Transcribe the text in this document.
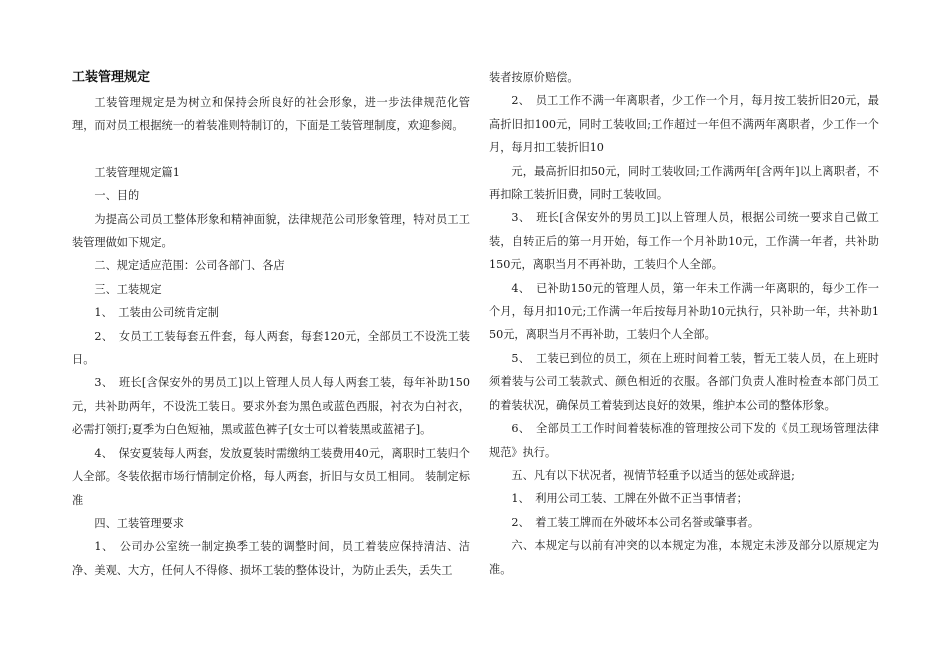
工装管理规定

工装管理规定是为树立和保持会所良好的社会形象，进一步法律规范化管理，而对员工根据统一的着装准则特制订的，下面是工装管理制度，欢迎参阅。

工装管理规定篇1

一、目的

为提高公司员工整体形象和精神面貌，法律规范公司形象管理，特对员工工装管理做如下规定。

二、规定适应范围：公司各部门、各店

三、工装规定

1、　工装由公司统肯定制

2、　女员工工装每套五件套，每人两套，每套120元，全部员工不设洗工装日。

3、　班长[含保安外的男员工]以上管理人员人每人两套工装，每年补助150元，共补助两年，不设洗工装日。要求外套为黑色或蓝色西服，衬衣为白衬衣，必需打领打;夏季为白色短袖，黑或蓝色裤子[女士可以着装黑或蓝裙子]。

4、　保安夏装每人两套，发放夏装时需缴纳工装费用40元，离职时工装归个人全部。冬装依据市场行情制定价格，每人两套，折旧与女员工相同。 装制定标准

四、工装管理要求

1、　公司办公室统一制定换季工装的调整时间，员工着装应保持清洁、洁净、美观、大方，任何人不得修、损坏工装的整体设计，为防止丢失，丢失工

装者按原价赔偿。

2、　员工工作不满一年离职者，少工作一个月，每月按工装折旧20元，最高折旧扣100元，同时工装收回;工作超过一年但不满两年离职者，少工作一个月，每月扣工装折旧10

元，最高折旧扣50元，同时工装收回;工作满两年[含两年]以上离职者，不再扣除工装折旧费，同时工装收回。

3、　班长[含保安外的男员工]以上管理人员，根据公司统一要求自己做工装，自转正后的第一月开始，每工作一个月补助10元，工作满一年者，共补助150元，离职当月不再补助，工装归个人全部。

4、　已补助150元的管理人员，第一年未工作满一年离职的，每少工作一个月，每月扣10元;工作满一年后按每月补助10元执行，只补助一年，共补助150元，离职当月不再补助，工装归个人全部。

5、　工装已到位的员工，须在上班时间着工装，暂无工装人员，在上班时须着装与公司工装款式、颜色相近的衣服。各部门负责人准时检查本部门员工的着装状况，确保员工着装到达良好的效果，维护本公司的整体形象。

6、　全部员工工作时间着装标准的管理按公司下发的《员工现场管理法律规范》执行。

五、凡有以下状况者，视情节轻重予以适当的惩处或辞退;

1、　利用公司工装、工牌在外做不正当事情者；

2、　着工装工牌而在外破坏本公司名誉或肇事者。

六、本规定与以前有冲突的以本规定为准，本规定未涉及部分以原规定为准。
